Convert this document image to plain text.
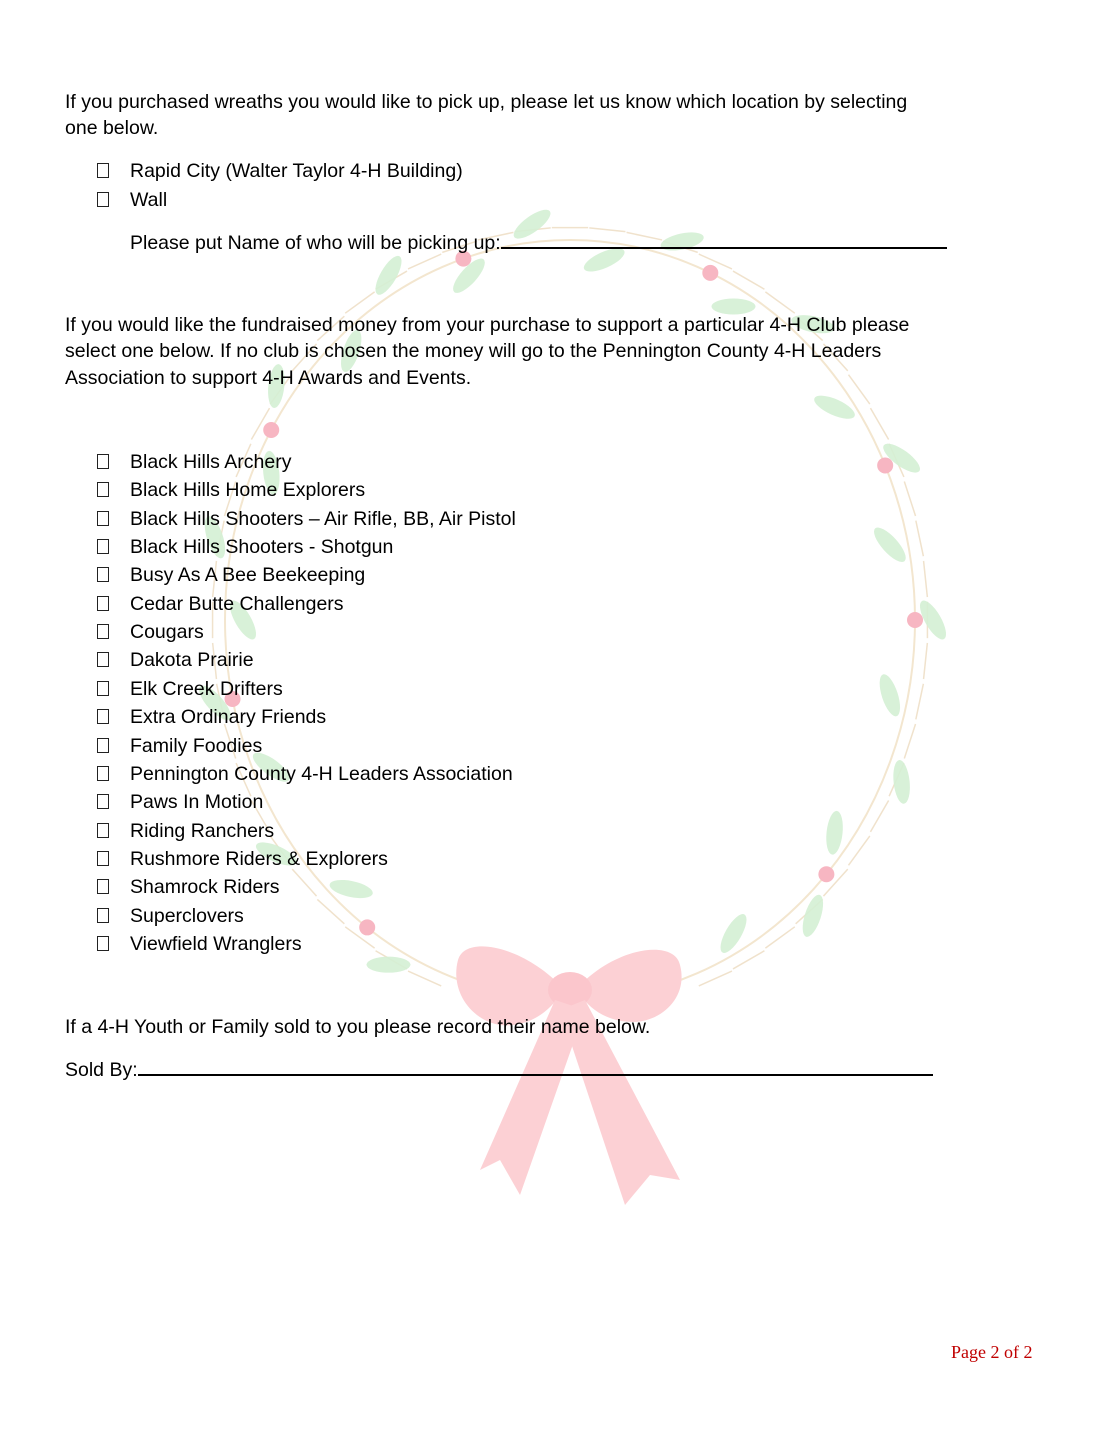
If you purchased wreaths you would like to pick up, please let us know which location by selecting
one below.
Rapid City (Walter Taylor 4-H Building)
Wall
Please put Name of who will be picking up:
If you would like the fundraised money from your purchase to support a particular 4-H Club please
select one below. If no club is chosen the money will go to the Pennington County 4-H Leaders
Association to support 4-H Awards and Events.
Black Hills Archery
Black Hills Home Explorers
Black Hills Shooters – Air Rifle, BB, Air Pistol
Black Hills Shooters - Shotgun
Busy As A Bee Beekeeping
Cedar Butte Challengers
Cougars
Dakota Prairie
Elk Creek Drifters
Extra Ordinary Friends
Family Foodies
Pennington County 4-H Leaders Association
Paws In Motion
Riding Ranchers
Rushmore Riders & Explorers
Shamrock Riders
Superclovers
Viewfield Wranglers
If a 4-H Youth or Family sold to you please record their name below.
Sold By:
Page 2 of 2
